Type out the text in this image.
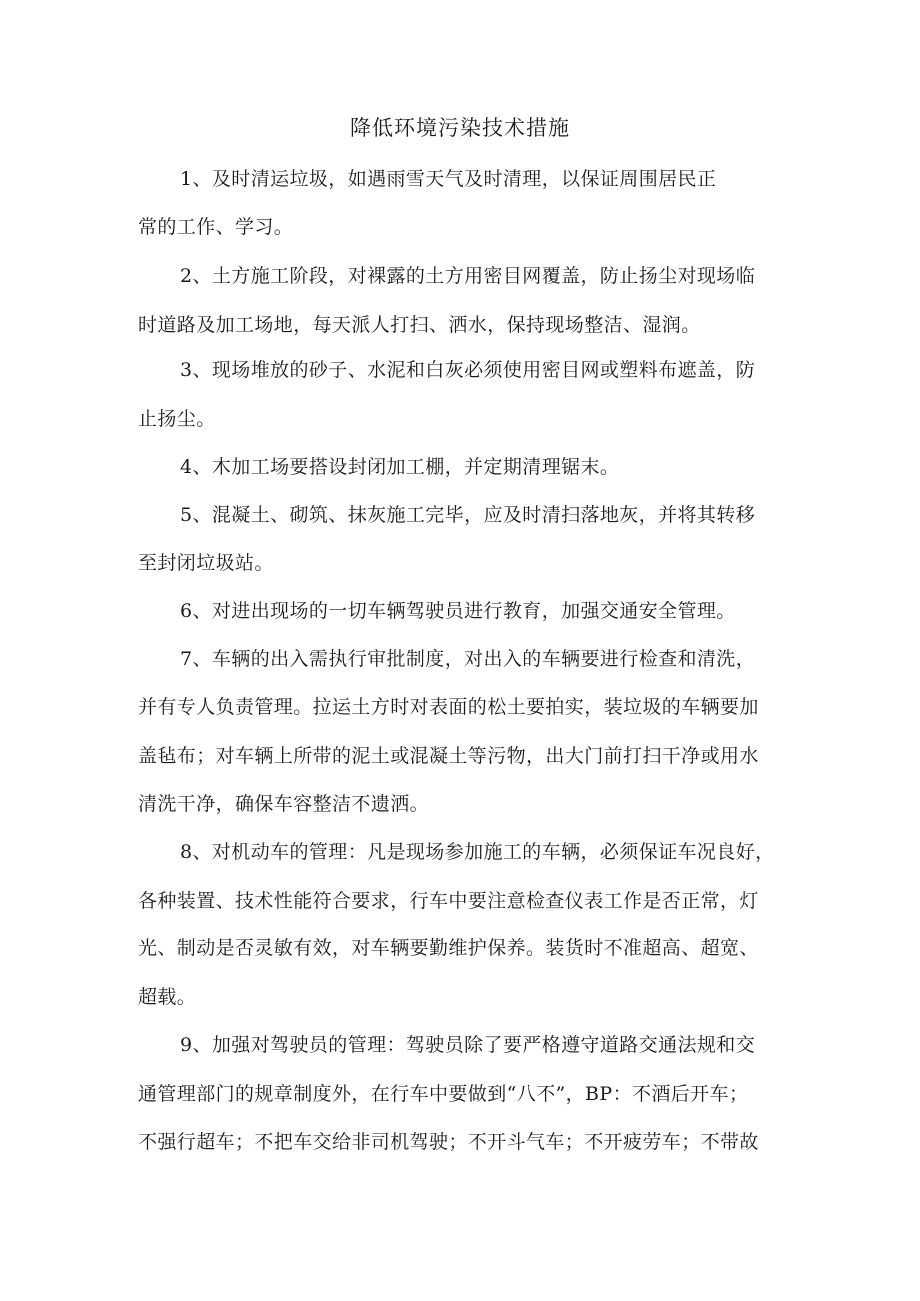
降低环境污染技术措施
1、及时清运垃圾，如遇雨雪天气及时清理，以保证周围居民正
常的工作、学习。
2、土方施工阶段，对裸露的土方用密目网覆盖，防止扬尘对现场临
时道路及加工场地，每天派人打扫、洒水，保持现场整洁、湿润。
3、现场堆放的砂子、水泥和白灰必须使用密目网或塑料布遮盖，防
止扬尘。
4、木加工场要搭设封闭加工棚，并定期清理锯末。
5、混凝土、砌筑、抹灰施工完毕，应及时清扫落地灰，并将其转移
至封闭垃圾站。
6、对进出现场的一切车辆驾驶员进行教育，加强交通安全管理。
7、车辆的出入需执行审批制度，对出入的车辆要进行检查和清洗，
并有专人负责管理。拉运土方时对表面的松土要拍实，装垃圾的车辆要加
盖毡布；对车辆上所带的泥土或混凝土等污物，出大门前打扫干净或用水
清洗干净，确保车容整洁不遗洒。
8、对机动车的管理：凡是现场参加施工的车辆，必须保证车况良好，
各种装置、技术性能符合要求，行车中要注意检查仪表工作是否正常，灯
光、制动是否灵敏有效，对车辆要勤维护保养。装货时不准超高、超宽、
超载。
9、加强对驾驶员的管理：驾驶员除了要严格遵守道路交通法规和交
通管理部门的规章制度外，在行车中要做到“八不”，BP：不酒后开车；
不强行超车；不把车交给非司机驾驶；不开斗气车；不开疲劳车；不带故
